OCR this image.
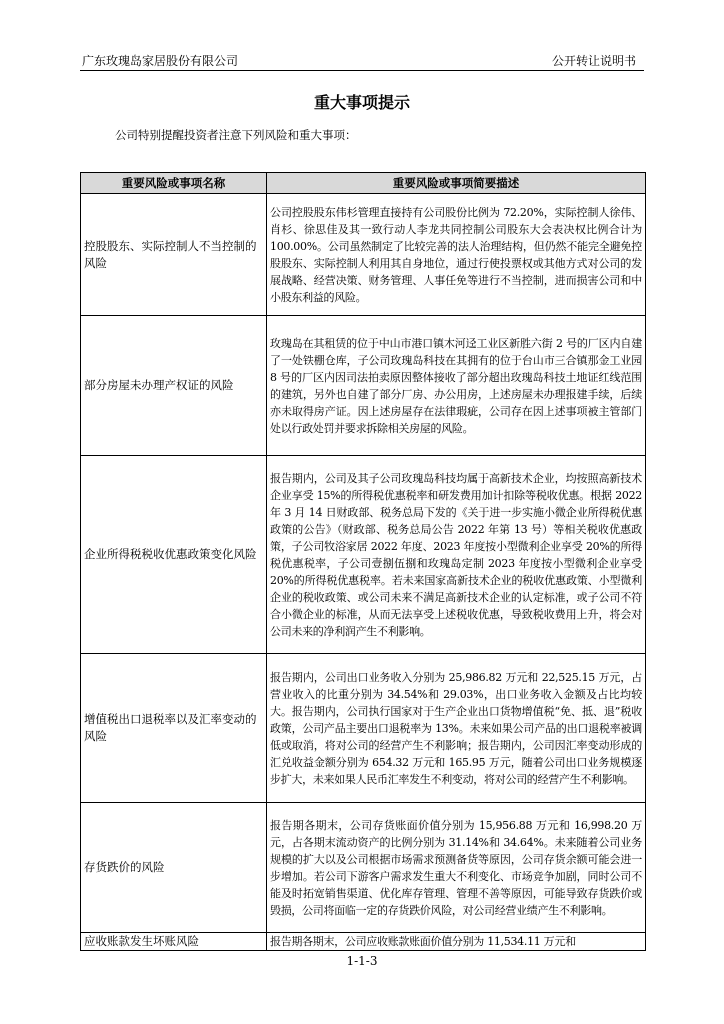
广东玫瑰岛家居股份有限公司	公开转让说明书
重大事项提示
公司特别提醒投资者注意下列风险和重大事项：
重要风险或事项名称	重要风险或事项简要描述
控股股东、实际控制人不当控制的风险	公司控股股东伟杉管理直接持有公司股份比例为 72.20%，实际控制人徐伟、肖杉、徐思佳及其一致行动人李龙共同控制公司股东大会表决权比例合计为 100.00%。公司虽然制定了比较完善的法人治理结构，但仍然不能完全避免控股股东、实际控制人利用其自身地位，通过行使投票权或其他方式对公司的发展战略、经营决策、财务管理、人事任免等进行不当控制，进而损害公司和中小股东利益的风险。
部分房屋未办理产权证的风险	玫瑰岛在其租赁的位于中山市港口镇木河迳工业区新胜六街 2 号的厂区内自建了一处铁棚仓库，子公司玫瑰岛科技在其拥有的位于台山市三合镇那金工业园 8 号的厂区内因司法拍卖原因整体接收了部分超出玫瑰岛科技土地证红线范围的建筑，另外也自建了部分厂房、办公用房，上述房屋未办理报建手续，后续亦未取得房产证。因上述房屋存在法律瑕疵，公司存在因上述事项被主管部门处以行政处罚并要求拆除相关房屋的风险。
企业所得税税收优惠政策变化风险	报告期内，公司及其子公司玫瑰岛科技均属于高新技术企业，均按照高新技术企业享受 15%的所得税优惠税率和研发费用加计扣除等税收优惠。根据 2022 年 3 月 14 日财政部、税务总局下发的《关于进一步实施小微企业所得税优惠政策的公告》（财政部、税务总局公告 2022 年第 13 号）等相关税收优惠政策，子公司牧浴家居 2022 年度、2023 年度按小型微利企业享受 20%的所得税优惠税率，子公司壹捌伍捌和玫瑰岛定制 2023 年度按小型微利企业享受 20%的所得税优惠税率。若未来国家高新技术企业的税收优惠政策、小型微利企业的税收政策、或公司未来不满足高新技术企业的认定标准，或子公司不符合小微企业的标准，从而无法享受上述税收优惠，导致税收费用上升，将会对公司未来的净利润产生不利影响。
增值税出口退税率以及汇率变动的风险	报告期内，公司出口业务收入分别为 25,986.82 万元和 22,525.15 万元，占营业收入的比重分别为 34.54%和 29.03%，出口业务收入金额及占比均较大。报告期内，公司执行国家对于生产企业出口货物增值税“免、抵、退”税收政策，公司产品主要出口退税率为 13%。未来如果公司产品的出口退税率被调低或取消，将对公司的经营产生不利影响；报告期内，公司因汇率变动形成的汇兑收益金额分别为 654.32 万元和 165.95 万元，随着公司出口业务规模逐步扩大，未来如果人民币汇率发生不利变动，将对公司的经营产生不利影响。
存货跌价的风险	报告期各期末，公司存货账面价值分别为 15,956.88 万元和 16,998.20 万元，占各期末流动资产的比例分别为 31.14%和 34.64%。未来随着公司业务规模的扩大以及公司根据市场需求预测备货等原因，公司存货余额可能会进一步增加。若公司下游客户需求发生重大不利变化、市场竞争加剧，同时公司不能及时拓宽销售渠道、优化库存管理、管理不善等原因，可能导致存货跌价或毁损，公司将面临一定的存货跌价风险，对公司经营业绩产生不利影响。
应收账款发生坏账风险	报告期各期末，公司应收账款账面价值分别为 11,534.11 万元和
1-1-3
